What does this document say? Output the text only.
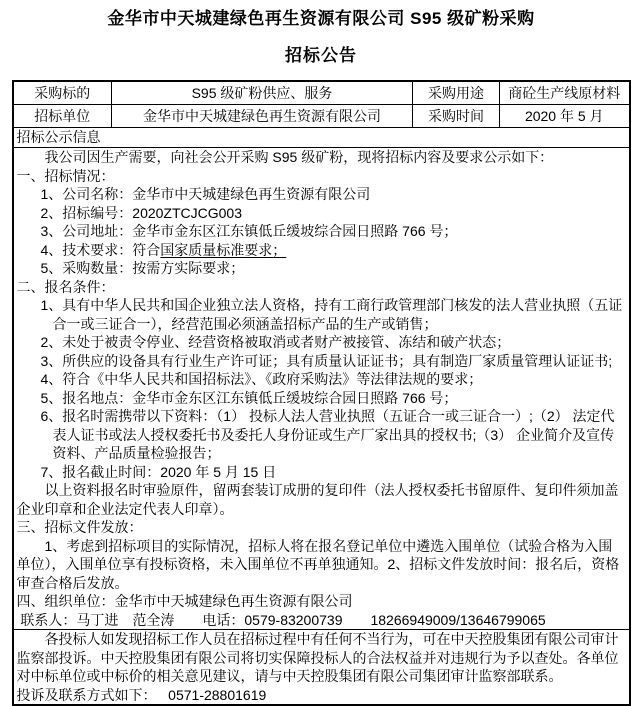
金华市中天城建绿色再生资源有限公司 S95 级矿粉采购
招标公告
采购标的	S95 级矿粉供应、服务	采购用途	商砼生产线原材料
招标单位	金华市中天城建绿色再生资源有限公司	采购时间	2020 年 5 月
招标公示信息			

我公司因生产需要，向社会公开采购 S95 级矿粉，现将招标内容及要求公示如下：

一、招标情况：

1、公司名称：金华市中天城建绿色再生资源有限公司

2、招标编号：2020ZTCJCG003

3、公司地址：金华市金东区江东镇低丘缓坡综合园日照路 766 号；

4、技术要求：符合国家质量标准要求；

5、采购数量：按需方实际要求；

二、报名条件：

1、具有中华人民共和国企业独立法人资格，持有工商行政管理部门核发的法人营业执照（五证合一或三证合一），经营范围必须涵盖招标产品的生产或销售；

2、未处于被责令停业、经营资格被取消或者财产被接管、冻结和破产状态；

3、所供应的设备具有行业生产许可证；具有质量认证证书；具有制造厂家质量管理认证证书;

4、符合《中华人民共和国招标法》、《政府采购法》等法律法规的要求；

5、报名地点：金华市金东区江东镇低丘缓坡综合园日照路 766 号；

6、报名时需携带以下资料：（1） 投标人法人营业执照（五证合一或三证合一）;（2） 法定代表人证书或法人授权委托书及委托人身份证或生产厂家出具的授权书;（3） 企业简介及宣传资料、产品质量检验报告；

7、报名截止时间：2020 年 5 月 15 日

以上资料报名时审验原件，留两套装订成册的复印件（法人授权委托书留原件、复印件须加盖企业印章和企业法定代表人印章）。

三、招标文件发放：

1、考虑到招标项目的实际情况，招标人将在报名登记单位中遴选入围单位（试验合格为入围单位），入围单位享有投标资格，未入围单位不再单独通知。2、招标文件发放时间：报名后，资格审查合格后发放。

四、组织单位：金华市中天城建绿色再生资源有限公司

联系人：马丁进　范全涛　　电话：0579-83200739　　18266949009/13646799065

各投标人如发现招标工作人员在招标过程中有任何不当行为，可在中天控股集团有限公司审计监察部投诉。中天控股集团有限公司将切实保障投标人的合法权益并对违规行为予以查处。各单位对中标单位或中标价的相关意见建议，请与中天控股集团有限公司集团审计监察部联系。

投诉及联系方式如下：   0571-28801619			
